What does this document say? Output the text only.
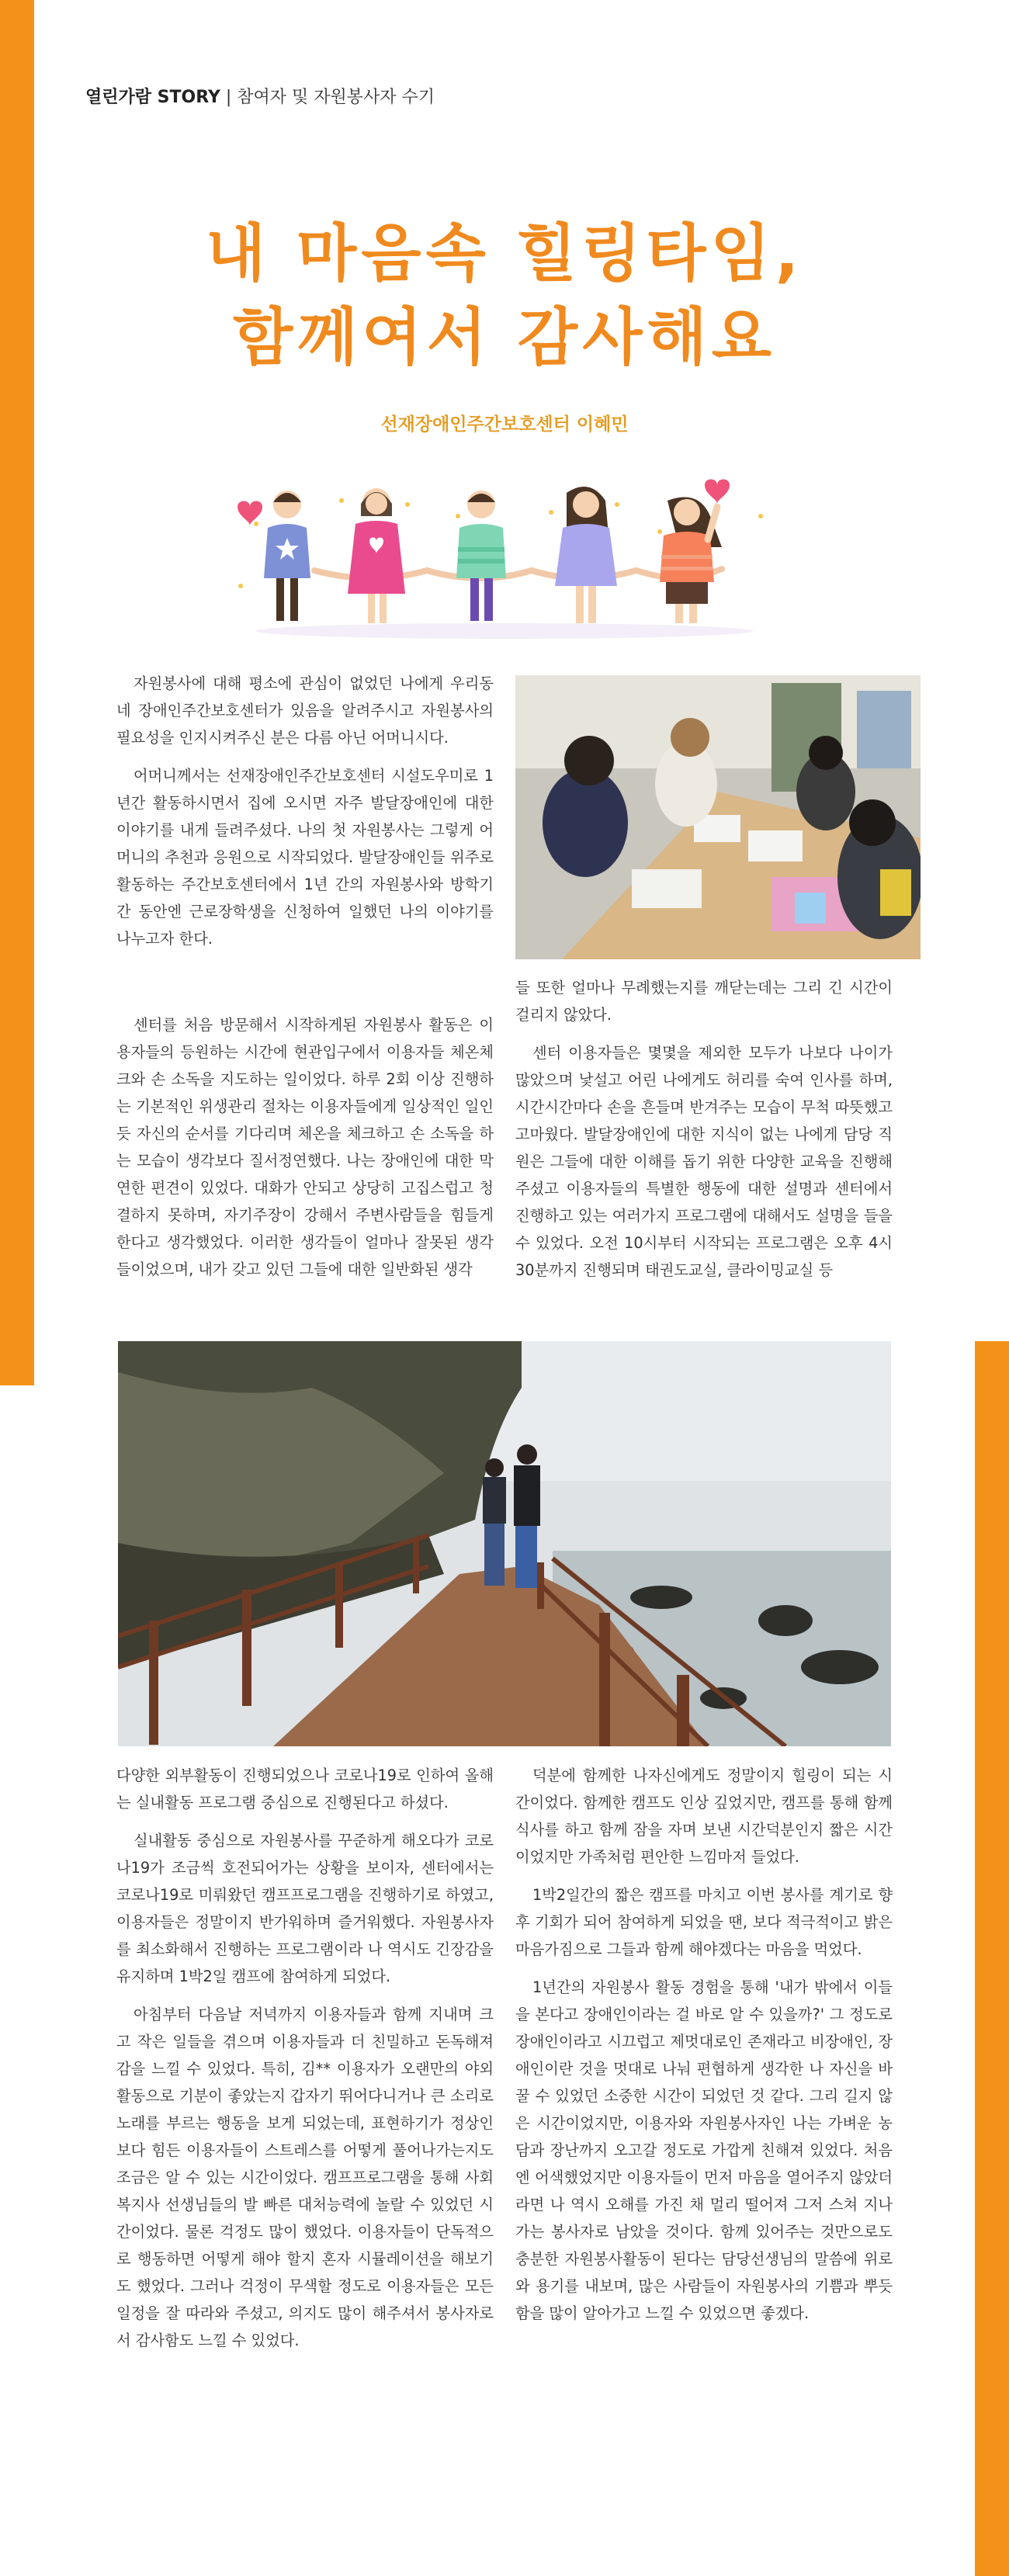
열린가람 STORY | 참여자 및 자원봉사자 수기
내 마음속 힐링타임,
함께여서 감사해요
선재장애인주간보호센터 이혜민

자원봉사에 대해 평소에 관심이 없었던 나에게 우리동네 장애인주간보호센터가 있음을 알려주시고 자원봉사의 필요성을 인지시켜주신 분은 다름 아닌 어머니시다.

어머니께서는 선재장애인주간보호센터 시설도우미로 1년간 활동하시면서 집에 오시면 자주 발달장애인에 대한 이야기를 내게 들려주셨다. 나의 첫 자원봉사는 그렇게 어머니의 추천과 응원으로 시작되었다. 발달장애인들 위주로 활동하는 주간보호센터에서 1년 간의 자원봉사와 방학기간 동안엔 근로장학생을 신청하여 일했던 나의 이야기를 나누고자 한다.

센터를 처음 방문해서 시작하게된 자원봉사 활동은 이용자들의 등원하는 시간에 현관입구에서 이용자들 체온체크와 손 소독을 지도하는 일이었다. 하루 2회 이상 진행하는 기본적인 위생관리 절차는 이용자들에게 일상적인 일인 듯 자신의 순서를 기다리며 체온을 체크하고 손 소독을 하는 모습이 생각보다 질서정연했다. 나는 장애인에 대한 막연한 편견이 있었다. 대화가 안되고 상당히 고집스럽고 청결하지 못하며, 자기주장이 강해서 주변사람들을 힘들게 한다고 생각했었다. 이러한 생각들이 얼마나 잘못된 생각들이었으며, 내가 갖고 있던 그들에 대한 일반화된 생각

들 또한 얼마나 무례했는지를 깨닫는데는 그리 긴 시간이 걸리지 않았다.

센터 이용자들은 몇몇을 제외한 모두가 나보다 나이가 많았으며 낯설고 어린 나에게도 허리를 숙여 인사를 하며, 시간시간마다 손을 흔들며 반겨주는 모습이 무척 따뜻했고 고마웠다. 발달장애인에 대한 지식이 없는 나에게 담당 직원은 그들에 대한 이해를 돕기 위한 다양한 교육을 진행해주셨고 이용자들의 특별한 행동에 대한 설명과 센터에서 진행하고 있는 여러가지 프로그램에 대해서도 설명을 들을 수 있었다. 오전 10시부터 시작되는 프로그램은 오후 4시30분까지 진행되며 태권도교실, 클라이밍교실 등

다양한 외부활동이 진행되었으나 코로나19로 인하여 올해는 실내활동 프로그램 중심으로 진행된다고 하셨다.

실내활동 중심으로 자원봉사를 꾸준하게 해오다가 코로나19가 조금씩 호전되어가는 상황을 보이자, 센터에서는 코로나19로 미뤄왔던 캠프프로그램을 진행하기로 하였고, 이용자들은 정말이지 반가워하며 즐거워했다. 자원봉사자를 최소화해서 진행하는 프로그램이라 나 역시도 긴장감을 유지하며 1박2일 캠프에 참여하게 되었다.

아침부터 다음날 저녁까지 이용자들과 함께 지내며 크고 작은 일들을 겪으며 이용자들과 더 친밀하고 돈독해져 감을 느낄 수 있었다. 특히, 김** 이용자가 오랜만의 야외활동으로 기분이 좋았는지 갑자기 뛰어다니거나 큰 소리로 노래를 부르는 행동을 보게 되었는데, 표현하기가 정상인보다 힘든 이용자들이 스트레스를 어떻게 풀어나가는지도 조금은 알 수 있는 시간이었다. 캠프프로그램을 통해 사회복지사 선생님들의 발 빠른 대처능력에 놀랄 수 있었던 시간이었다. 물론 걱정도 많이 했었다. 이용자들이 단독적으로 행동하면 어떻게 해야 할지 혼자 시뮬레이션을 해보기도 했었다. 그러나 걱정이 무색할 정도로 이용자들은 모든 일정을 잘 따라와 주셨고, 의지도 많이 해주셔서 봉사자로서 감사함도 느낄 수 있었다.

덕분에 함께한 나자신에게도 정말이지 힐링이 되는 시간이었다. 함께한 캠프도 인상 깊었지만, 캠프를 통해 함께 식사를 하고 함께 잠을 자며 보낸 시간덕분인지 짧은 시간이었지만 가족처럼 편안한 느낌마저 들었다.

1박2일간의 짧은 캠프를 마치고 이번 봉사를 계기로 향후 기회가 되어 참여하게 되었을 땐, 보다 적극적이고 밝은 마음가짐으로 그들과 함께 해야겠다는 마음을 먹었다.

1년간의 자원봉사 활동 경험을 통해 '내가 밖에서 이들을 본다고 장애인이라는 걸 바로 알 수 있을까?' 그 정도로 장애인이라고 시끄럽고 제멋대로인 존재라고 비장애인, 장애인이란 것을 멋대로 나눠 편협하게 생각한 나 자신을 바꿀 수 있었던 소중한 시간이 되었던 것 같다. 그리 길지 않은 시간이었지만, 이용자와 자원봉사자인 나는 가벼운 농담과 장난까지 오고갈 정도로 가깝게 친해져 있었다. 처음엔 어색했었지만 이용자들이 먼저 마음을 열어주지 않았더라면 나 역시 오해를 가진 채 멀리 떨어져 그저 스쳐 지나가는 봉사자로 남았을 것이다. 함께 있어주는 것만으로도 충분한 자원봉사활동이 된다는 담당선생님의 말씀에 위로와 용기를 내보며, 많은 사람들이 자원봉사의 기쁨과 뿌듯함을 많이 알아가고 느낄 수 있었으면 좋겠다.
